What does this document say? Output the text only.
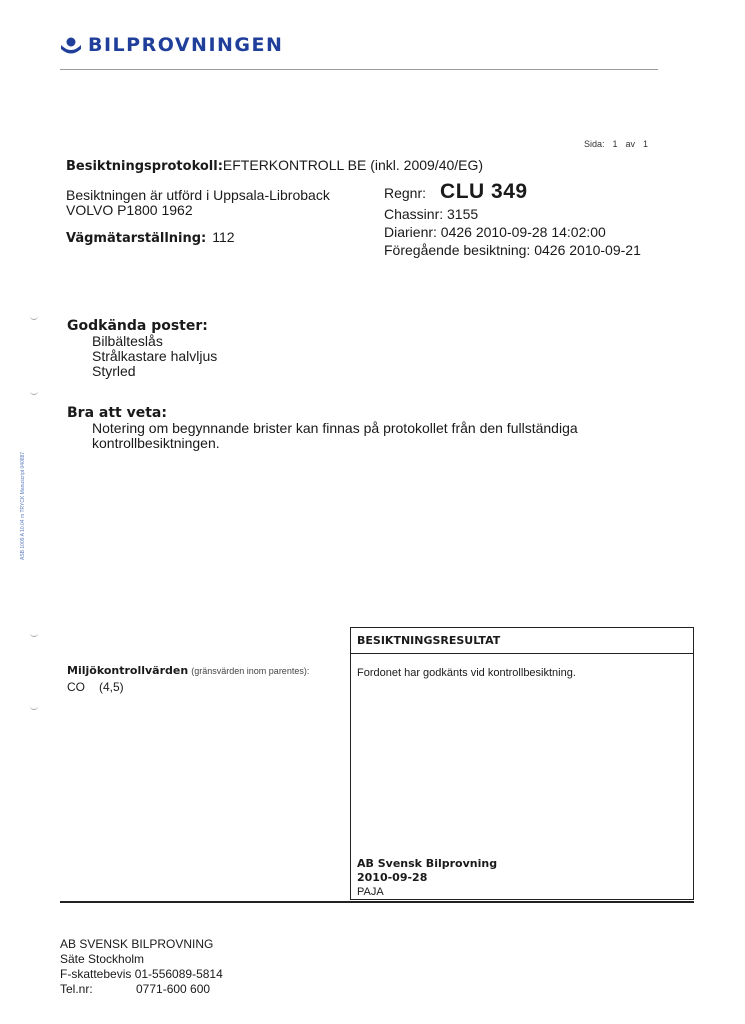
BILPROVNINGEN
Sida: 1 av 1
Besiktningsprotokoll:EFTERKONTROLL BE (inkl. 2009/40/EG)
Besiktningen är utförd i Uppsala-Libroback
VOLVO P1800 1962
Vägmätarställning: 112
Regnr: CLU 349
Chassinr: 3155
Diarienr: 0426 2010-09-28 14:02:00
Föregående besiktning: 0426 2010-09-21
Godkända poster:
Bilbälteslås
Strålkastare halvljus
Styrled
Bra att veta:
Notering om begynnande brister kan finnas på protokollet från den fullständiga kontrollbesiktningen.
Miljökontrollvärden (gränsvärden inom parentes):
CO (4,5)
BESIKTNINGSRESULTAT
Fordonet har godkänts vid kontrollbesiktning.
AB Svensk Bilprovning
2010-09-28
PAJA
AB SVENSK BILPROVNING
Säte Stockholm
F-skattebevis 01-556089-5814
Tel.nr:	0771-600 600
ASB 1009 A 10.04 m TRYCK Manuscript 040887
